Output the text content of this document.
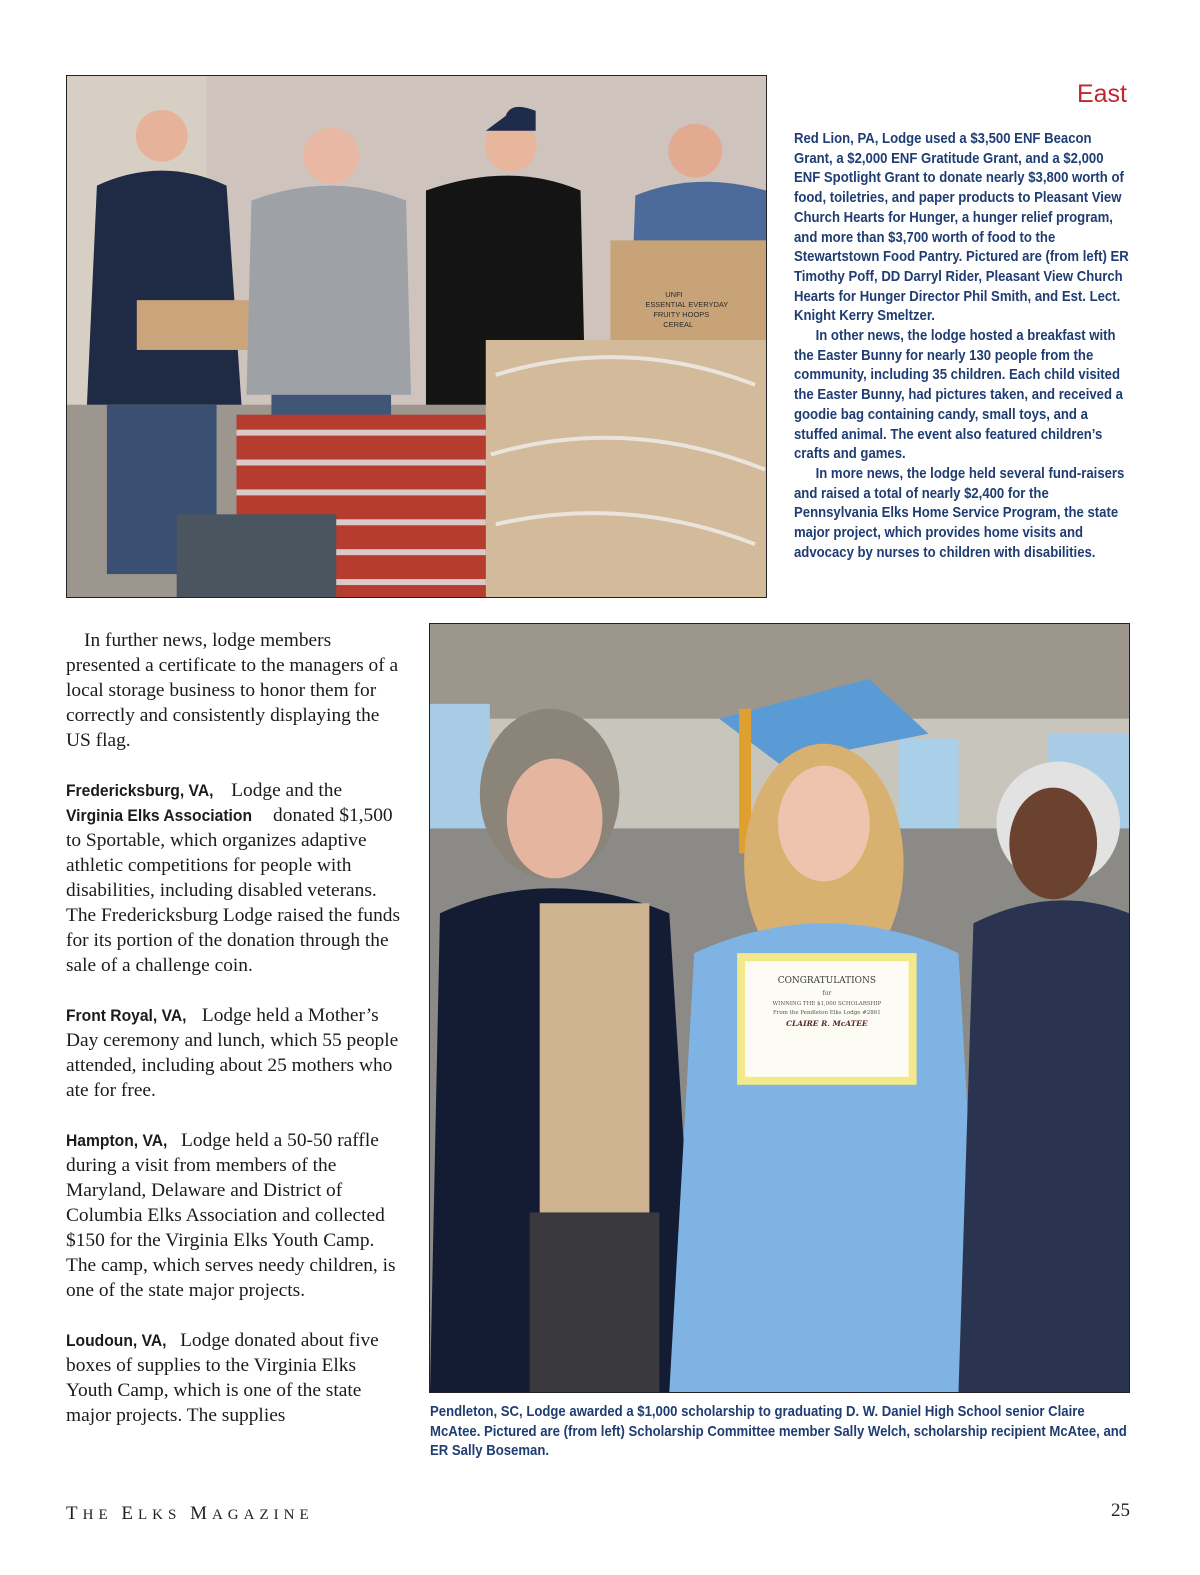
UNFI
ESSENTIAL EVERYDAY
FRUITY HOOPS
CEREAL
East

Red Lion, PA, Lodge used a $3,500 ENF Beacon Grant, a $2,000 ENF Gratitude Grant, and a $2,000 ENF Spotlight Grant to donate nearly $3,800 worth of food, toiletries, and paper products to Pleasant View Church Hearts for Hunger, a hunger relief program, and more than $3,700 worth of food to the Stewartstown Food Pantry. Pictured are (from left) ER Timothy Poff, DD Darryl Rider, Pleasant View Church Hearts for Hunger Director Phil Smith, and Est. Lect. Knight Kerry Smeltzer.

In other news, the lodge hosted a breakfast with the Easter Bunny for nearly 130 people from the community, including 35 children. Each child visited the Easter Bunny, had pictures taken, and received a goodie bag containing candy, small toys, and a stuffed animal. The event also featured children’s crafts and games.

In more news, the lodge held several fund-raisers and raised a total of nearly $2,400 for the Pennsylvania Elks Home Service Program, the state major project, which provides home visits and advocacy by nurses to children with disabilities.

In further news, lodge members presented a certificate to the managers of a local storage business to honor them for correctly and consistently displaying the US flag.

Fredericksburg, VA, Lodge and the Virginia Elks Association donated $1,500 to Sportable, which organizes adaptive athletic competitions for people with disabilities, including disabled veterans. The Fredericksburg Lodge raised the funds for its portion of the donation through the sale of a challenge coin.

Front Royal, VA, Lodge held a Mother’s Day ceremony and lunch, which 55 people attended, including about 25 mothers who ate for free.

Hampton, VA, Lodge held a 50-50 raffle during a visit from members of the Maryland, Delaware and District of Columbia Elks Association and collected $150 for the Virginia Elks Youth Camp. The camp, which serves needy children, is one of the state major projects.

Loudoun, VA, Lodge donated about five boxes of supplies to the Virginia Elks Youth Camp, which is one of the state major projects. The supplies

CONGRATULATIONS
for
WINNING THE $1,000 SCHOLARSHIP
From the Pendleton Elks Lodge #2861
CLAIRE R. McATEE

Pendleton, SC, Lodge awarded a $1,000 scholarship to graduating D. W. Daniel High School senior Claire McAtee. Pictured are (from left) Scholarship Committee member Sally Welch, scholarship recipient McAtee, and ER Sally Boseman.

THE ELKS MAGAZINE	25
